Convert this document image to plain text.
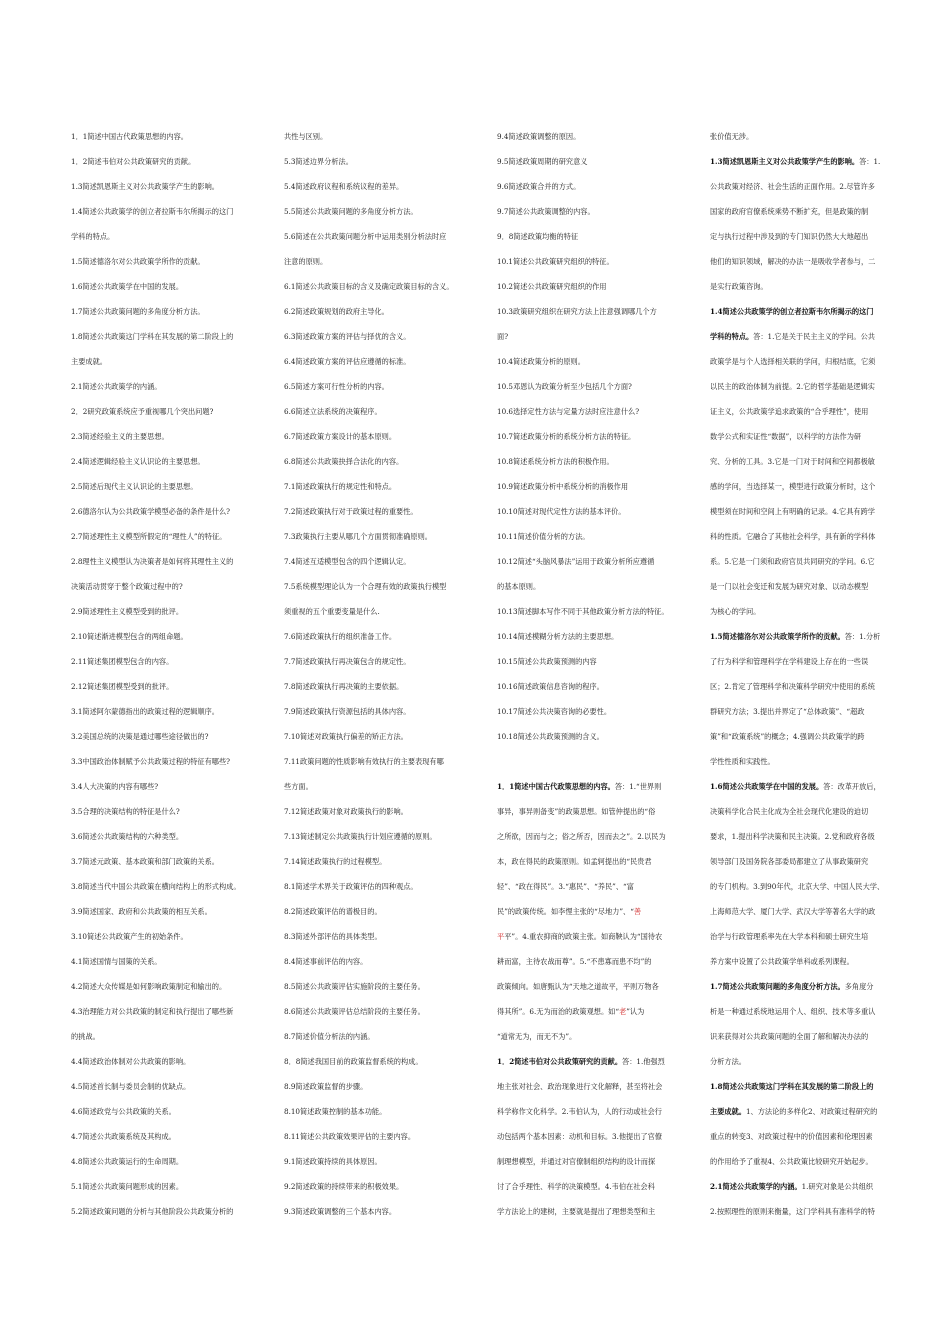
1．1简述中国古代政策思想的内容。
1．2简述韦伯对公共政策研究的贡献。
1.3简述凯恩斯主义对公共政策学产生的影响。
1.4简述公共政策学的创立者拉斯韦尔所揭示的这门
学科的特点。
1.5简述德洛尔对公共政策学所作的贡献。
1.6简述公共政策学在中国的发展。
1.7简述公共政策问题的多角度分析方法。
1.8简述公共政策这门学科在其发展的第二阶段上的
主要成就。
2.1简述公共政策学的内涵。
2．2研究政策系统应予重视哪几个突出问题?
2.3简述经验主义的主要思想。
2.4简述逻辑经验主义认识论的主要思想。
2.5简述后现代主义认识论的主要思想。
2.6德洛尔认为公共政策学模型必备的条件是什么?
2.7简述理性主义模型所假定的“理性人”的特征。
2.8理性主义模型认为决策者是如何将其理性主义的
决策活动贯穿于整个政策过程中的?
2.9简述理性主义模型受到的批评。
2.10简述渐进模型包含的两组命题。
2.11简述集团模型包含的内容。
2.12简述集团模型受到的批评。
3.1简述阿尔蒙德指出的政策过程的逻辑顺序。
3.2美国总统的决策是通过哪些途径做出的?
3.3中国政治体制赋予公共政策过程的特征有哪些?
3.4人大决策的内容有哪些?
3.5合理的决策结构的特征是什么?
3.6简述公共政策结构的六种类型。
3.7简述元政策、基本政策和部门政策的关系。
3.8简述当代中国公共政策在横向结构上的形式构成。
3.9简述国家、政府和公共政策的相互关系。
3.10简述公共政策产生的初始条件。
4.1简述国情与国策的关系。
4.2简述大众传媒是如何影响政策制定和输出的。
4.3治理能力对公共政策的制定和执行提出了哪些新
的挑战。
4.4简述政治体制对公共政策的影响。
4.5简述首长制与委员会制的优缺点。
4.6简述政党与公共政策的关系。
4.7简述公共政策系统及其构成。
4.8简述公共政策运行的生命周期。
5.1简述公共政策问题形成的因素。
5.2简述政策问题的分析与其他阶段公共政策分析的
共性与区别。
5.3简述边界分析法。
5.4简述政府议程和系统议程的差异。
5.5简述公共政策问题的多角度分析方法。
5.6简述在公共政策问题分析中运用类别分析法时应
注意的原则。
6.1简述公共政策目标的含义及确定政策目标的含义。
6.2简述政策规划的政府主导化。
6.3简述政策方案的评估与择优的含义。
6.4简述政策方案的评估应遵循的标准。
6.5简述方案可行性分析的内容。
6.6简述立法系统的决策程序。
6.7简述政策方案设计的基本原则。
6.8简述公共政策抉择合法化的内容。
7.1简述政策执行的规定性和特点。
7.2简述政策执行对于政策过程的重要性。
7.3政策执行主要从哪几个方面贯彻准确原则。
7.4简述互适模型包含的四个逻辑认定。
7.5系统模型理论认为一个合理有效的政策执行模型
须重视的五个重要变量是什么.
7.6简述政策执行的组织准备工作。
7.7简述政策执行再决策包含的规定性。
7.8简述政策执行再决策的主要依据。
7.9简述政策执行资源包括的具体内容。
7.10简述对政策执行偏差的矫正方法。
7.11政策问题的性质影响有效执行的主要表现有哪
些方面。
7.12简述政策对象对政策执行的影响。
7.13简述制定公共政策执行计划应遵循的原则。
7.14简述政策执行的过程模型。
8.1简述学术界关于政策评估的四种观点。
8.2简述政策评估的谱极目的。
8.3简述外部评估的具体类型。
8.4简述事前评估的内容。
8.5简述公共政策评估实施阶段的主要任务。
8.6简述公共政策评估总结阶段的主要任务。
8.7简述价值分析法的内涵。
8．8简述我国目前的政策监督系统的构成。
8.9简述政策监督的步骤。
8.10简述政策控制的基本功能。
8.11简述公共政策效果评估的主要内容。
9.1简述政策持续的具体原因。
9.2简述政策的持续带来的积极效果。
9.3简述政策调整的三个基本内容。
9.4简述政策调整的原因。
9.5简述政策周期的研究意义
9.6简述政策合并的方式。
9.7简述公共政策调整的内容。
9．8简述政策均衡的特征
10.1简述公共政策研究组织的特征。
10.2简述公共政策研究组织的作用
10.3政策研究组织在研究方法上注意强调哪几个方
面?
10.4简述政策分析的原则。
10.5邓恩认为政策分析至少包括几个方面?
10.6选择定性方法与定量方法时应注意什么?
10.7简述政策分析的系统分析方法的特征。
10.8简述系统分析方法的积极作用。
10.9简述政策分析中系统分析的消极作用
10.10简述对现代定性方法的基本评价。
10.11简述价值分析的方法。
10.12简述“头脑风暴法”运用于政策分析所应遵循
的基本原则。
10.13简述脚本写作不同于其他政策分析方法的特征。
10.14简述模糊分析方法的主要思想。
10.15简述公共政策预测的内容
10.16简述政策信息咨询的程序。
10.17简述公共决策咨询的必要性。
10.18简述公共政策预测的含义。
1．1简述中国古代政策思想的内容。答：1.“世界则
事异，事异则备变”的政策思想。如管仲提出的“俗
之所欲，因而与之；俗之所否，因而去之”。2.以民为
本，政在得民的政策原则。如孟轲提出的“民贵君
轻”、“政在得民”。3.“惠民”、“养民”、“富
民”的政策传统。如李悝主张的“尽地力”、“善
平平”。4.重农抑商的政策主张。如商鞅认为“国待农
耕而富，主待农战而尊”。5.“不患寡而患不均”的
政策倾向。如唐甄认为“天地之道故平，平则万物各
得其所”。6.无为而治的政策观想。如“老”认为
“道常无为，而无不为”。
1．2简述韦伯对公共政策研究的贡献。答：1.他强烈
地主张对社会、政治现象进行文化解释，甚至将社会
科学称作文化科学。2.韦伯认为，人的行动或社会行
动包括两个基本因素：动机和目标。3.他提出了官僚
制理想模型，并通过对官僚制组织结构的设计而探
讨了合乎理性、科学的决策模型。4.韦伯在社会科
学方法论上的建树，主要就是提出了理想类型和主
张价值无涉。
1.3简述凯恩斯主义对公共政策学产生的影响。答：1.
公共政策对经济、社会生活的正面作用。2.尽管许多
国家的政府官僚系统乘势不断扩充，但是政策的制
定与执行过程中涉及到的专门知识仍然大大地超出
他们的知识领域，解决的办法一是吸收学者参与，二
是实行政策咨询。
1.4简述公共政策学的创立者拉斯韦尔所揭示的这门
学科的特点。答：1.它是关于民主主义的学问。公共
政策学是与个人选择相关联的学问，归根结底，它须
以民主的政治体制为前提。2.它的哲学基础是逻辑实
证主义，公共政策学追求政策的“合乎理性”，使用
数学公式和实证性“数据”，以科学的方法作为研
究、分析的工具。3.它是一门对于时间和空间都极敏
感的学问，当选择某一，模型进行政策分析时，这个
模型须在时间和空间上有明确的记录。4.它具有跨学
科的性质。它融合了其他社会科学，具有新的学科体
系。5.它是一门须和政府官员共同研究的学问。6.它
是一门以社会变迁和发展为研究对象、以动态模型
为核心的学问。
1.5简述德洛尔对公共政策学所作的贡献。答：1.分析
了行为科学和管理科学在学科建设上存在的一些误
区；2.肯定了管理科学和决策科学研究中使用的系统
群研究方法；3.提出并界定了“总体政策”、“超政
策”和“政策系统”的概念；4.强调公共政策学的跨
学性性质和实践性。
1.6简述公共政策学在中国的发展。答：改革开放后，
决策科学化合民主化成为全社会现代化建设的迫切
要求，1.提出科学决策和民主决策。2.党和政府各级
领导部门及国务院各部委局都建立了从事政策研究
的专门机构。3.到90年代，北京大学、中国人民大学、
上海师范大学、厦门大学、武汉大学等著名大学的政
治学与行政管理系率先在大学本科和硕士研究生培
养方案中设置了公共政策学单科或系列课程。
1.7简述公共政策问题的多角度分析方法。多角度分
析是一种通过系统地运用个人、组织、技术等多重认
识来获得对公共政策问题的全面了解和解决办法的
分析方法。
1.8简述公共政策这门学科在其发展的第二阶段上的
主要成就。1、方法论的多样化2、对政策过程研究的
重点的转变3、对政策过程中的价值因素和伦理因素
的作用给予了重视4、公共政策比较研究开始起步。
2.1简述公共政策学的内涵。1.研究对象是公共组织
2.按照理性的原则来衡量，这门学科具有准科学的特
